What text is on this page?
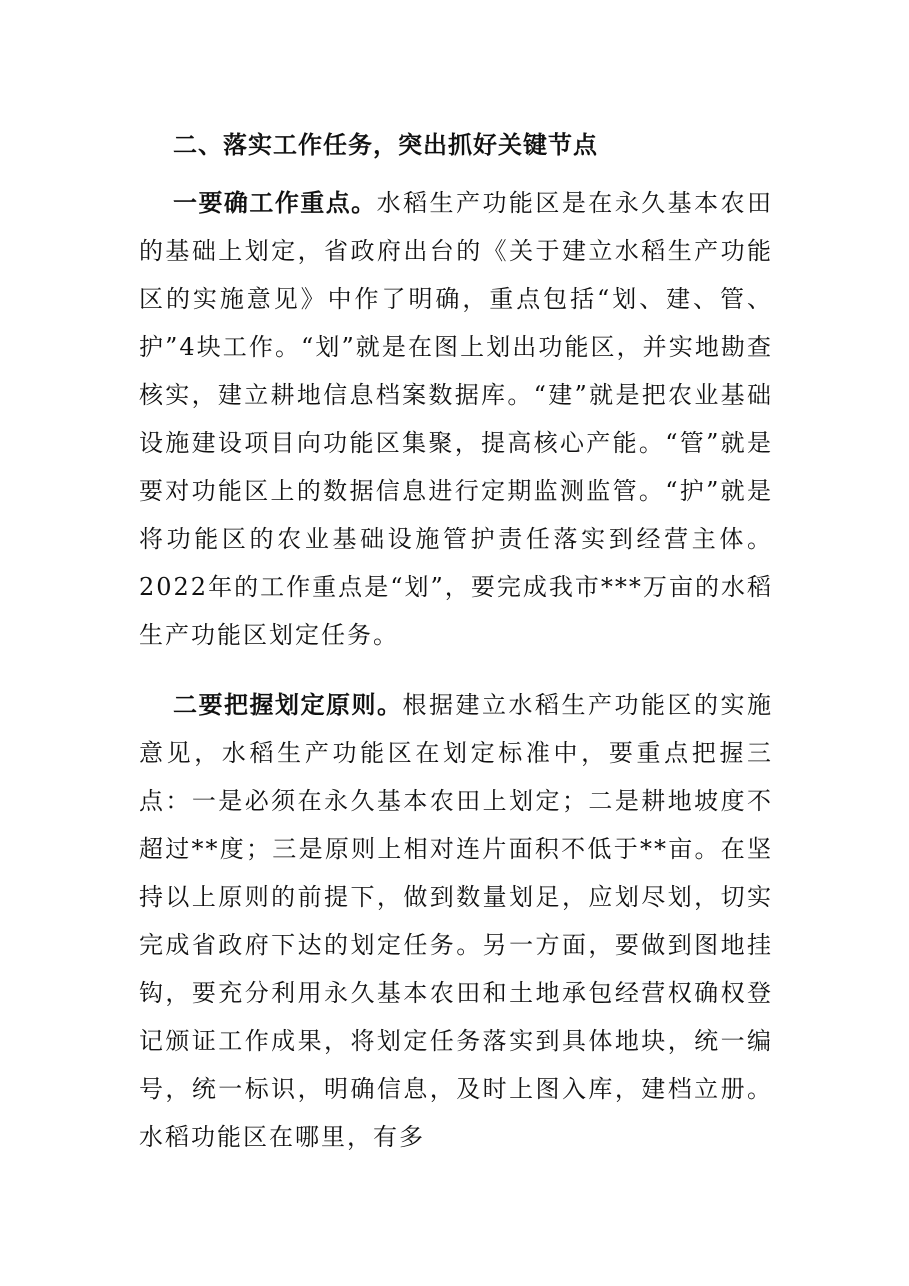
二、落实工作任务，突出抓好关键节点

一要确工作重点。水稻生产功能区是在永久基本农田的基础上划定，省政府出台的《关于建立水稻生产功能区的实施意见》中作了明确，重点包括“划、建、管、护”4块工作。“划”就是在图上划出功能区，并实地勘查核实，建立耕地信息档案数据库。“建”就是把农业基础设施建设项目向功能区集聚，提高核心产能。“管”就是要对功能区上的数据信息进行定期监测监管。“护”就是将功能区的农业基础设施管护责任落实到经营主体。2022年的工作重点是“划”，要完成我市***万亩的水稻生产功能区划定任务。

二要把握划定原则。根据建立水稻生产功能区的实施意见，水稻生产功能区在划定标准中，要重点把握三点：一是必须在永久基本农田上划定；二是耕地坡度不超过**度；三是原则上相对连片面积不低于**亩。在坚持以上原则的前提下，做到数量划足，应划尽划，切实完成省政府下达的划定任务。另一方面，要做到图地挂钩，要充分利用永久基本农田和土地承包经营权确权登记颁证工作成果，将划定任务落实到具体地块，统一编号，统一标识，明确信息，及时上图入库，建档立册。水稻功能区在哪里，有多
